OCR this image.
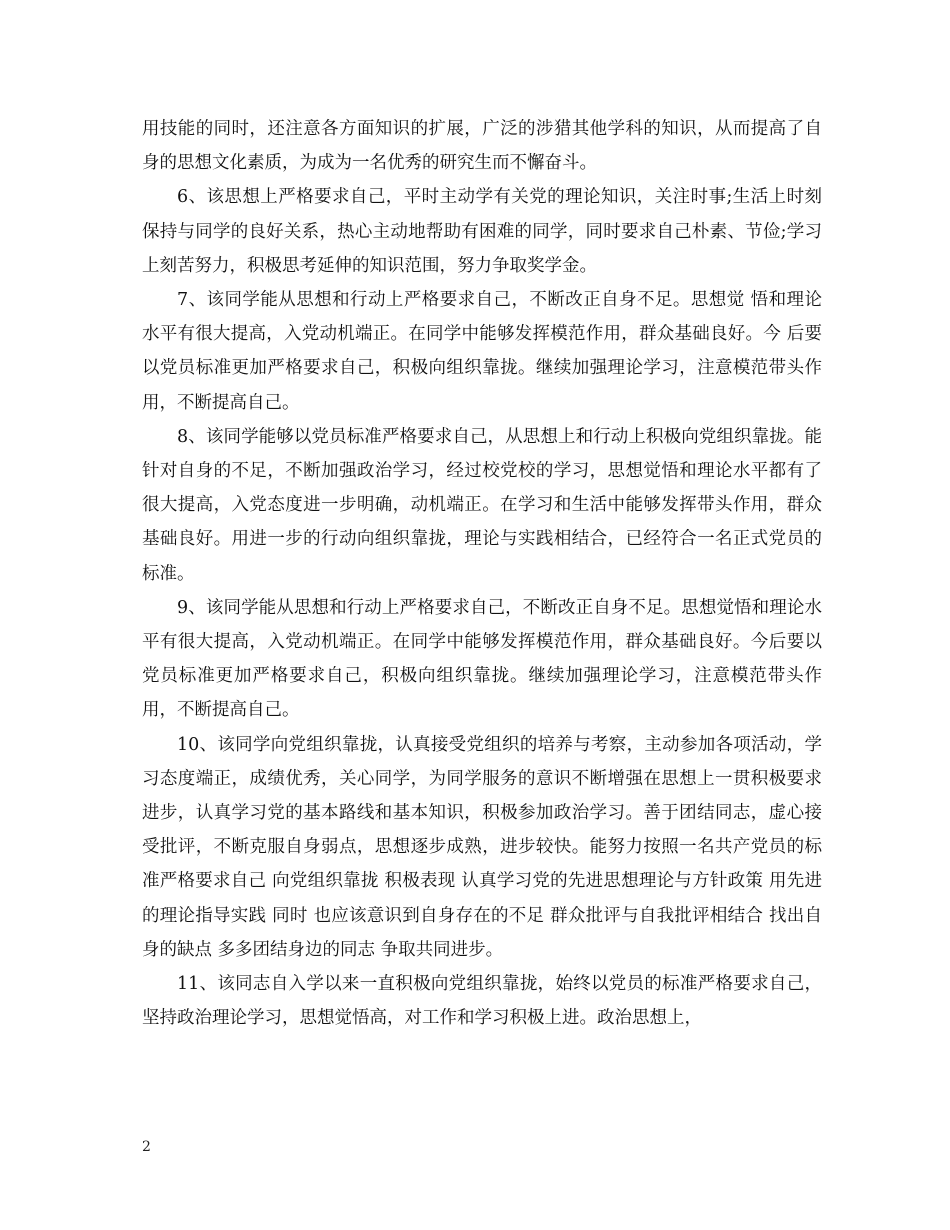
用技能的同时，还注意各方面知识的扩展，广泛的涉猎其他学科的知识，从而提高了自身的思想文化素质，为成为一名优秀的研究生而不懈奋斗。

6、该思想上严格要求自己，平时主动学有关党的理论知识，关注时事;生活上时刻保持与同学的良好关系，热心主动地帮助有困难的同学，同时要求自己朴素、节俭;学习上刻苦努力，积极思考延伸的知识范围，努力争取奖学金。

7、该同学能从思想和行动上严格要求自己，不断改正自身不足。思想觉 悟和理论水平有很大提高，入党动机端正。在同学中能够发挥模范作用，群众基础良好。今 后要以党员标准更加严格要求自己，积极向组织靠拢。继续加强理论学习，注意模范带头作 用，不断提高自己。

8、该同学能够以党员标准严格要求自己，从思想上和行动上积极向党组织靠拢。能针对自身的不足，不断加强政治学习，经过校党校的学习，思想觉悟和理论水平都有了很大提高，入党态度进一步明确，动机端正。在学习和生活中能够发挥带头作用，群众基础良好。用进一步的行动向组织靠拢，理论与实践相结合，已经符合一名正式党员的标准。

9、该同学能从思想和行动上严格要求自己，不断改正自身不足。思想觉悟和理论水平有很大提高，入党动机端正。在同学中能够发挥模范作用，群众基础良好。今后要以党员标准更加严格要求自己，积极向组织靠拢。继续加强理论学习，注意模范带头作用，不断提高自己。

10、该同学向党组织靠拢，认真接受党组织的培养与考察，主动参加各项活动，学习态度端正，成绩优秀，关心同学，为同学服务的意识不断增强在思想上一贯积极要求进步，认真学习党的基本路线和基本知识，积极参加政治学习。善于团结同志，虚心接受批评，不断克服自身弱点，思想逐步成熟，进步较快。能努力按照一名共产党员的标准严格要求自己 向党组织靠拢 积极表现 认真学习党的先进思想理论与方针政策 用先进的理论指导实践 同时 也应该意识到自身存在的不足 群众批评与自我批评相结合 找出自身的缺点 多多团结身边的同志 争取共同进步。

11、该同志自入学以来一直积极向党组织靠拢，始终以党员的标准严格要求自己，坚持政治理论学习，思想觉悟高，对工作和学习积极上进。政治思想上，

2
